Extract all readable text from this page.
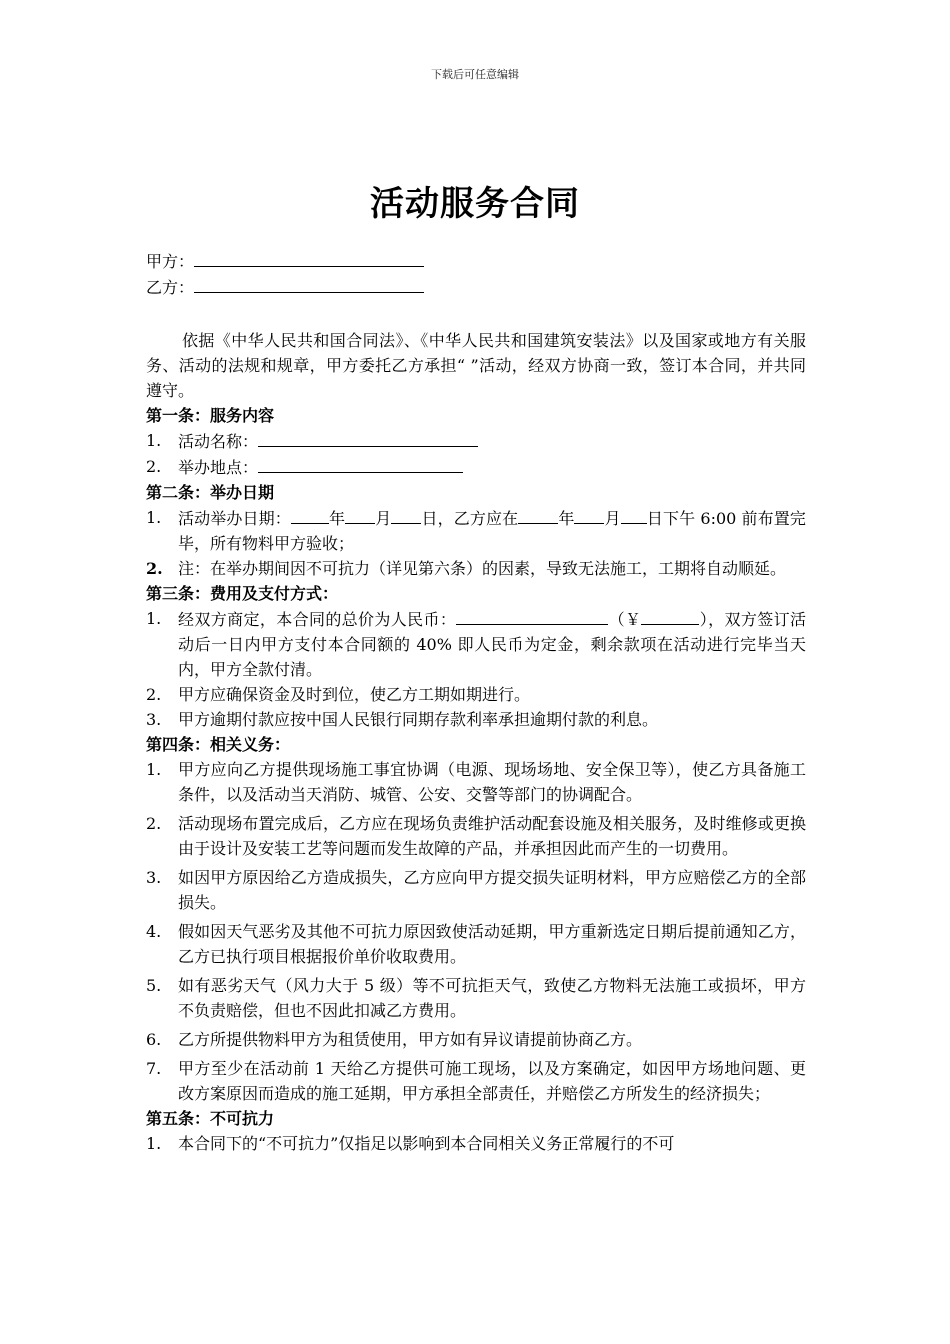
下载后可任意编辑
活动服务合同
甲方：
乙方：
依据《中华人民共和国合同法》、《中华人民共和国建筑安装法》以及国家或地方有关服务、活动的法规和规章，甲方委托乙方承担“ ”活动，经双方协商一致，签订本合同，并共同遵守。
第一条：服务内容
1.	活动名称：
2.	举办地点：
第二条：举办日期
1.	活动举办日期： 年 月 日，乙方应在	年 月 日下午 6:00 前布置完毕，所有物料甲方验收；
2. 注：在举办期间因不可抗力（详见第六条）的因素，导致无法施工，工期将自动顺延。
第三条：费用及支付方式：
1.	经双方商定，本合同的总价为人民币：	（￥	），双方签订活动后一日内甲方支付本合同额的 40% 即人民币为定金，剩余款项在活动进行完毕当天内，甲方全款付清。
2.	甲方应确保资金及时到位，使乙方工期如期进行。
3.	甲方逾期付款应按中国人民银行同期存款利率承担逾期付款的利息。
第四条：相关义务：
1.	甲方应向乙方提供现场施工事宜协调（电源、现场场地、安全保卫等），使乙方具备施工条件，以及活动当天消防、城管、公安、交警等部门的协调配合。
2.	活动现场布置完成后，乙方应在现场负责维护活动配套设施及相关服务，及时维修或更换由于设计及安装工艺等问题而发生故障的产品，并承担因此而产生的一切费用。
3.	如因甲方原因给乙方造成损失，乙方应向甲方提交损失证明材料，甲方应赔偿乙方的全部损失。
4.	假如因天气恶劣及其他不可抗力原因致使活动延期，甲方重新选定日期后提前通知乙方，乙方已执行项目根据报价单价收取费用。
5.	如有恶劣天气（风力大于 5 级）等不可抗拒天气，致使乙方物料无法施工或损坏，甲方不负责赔偿，但也不因此扣减乙方费用。
6.	乙方所提供物料甲方为租赁使用，甲方如有异议请提前协商乙方。
7.	甲方至少在活动前 1 天给乙方提供可施工现场，以及方案确定，如因甲方场地问题、更改方案原因而造成的施工延期，甲方承担全部责任，并赔偿乙方所发生的经济损失；
第五条：不可抗力
1.	本合同下的“不可抗力”仅指足以影响到本合同相关义务正常履行的不可
